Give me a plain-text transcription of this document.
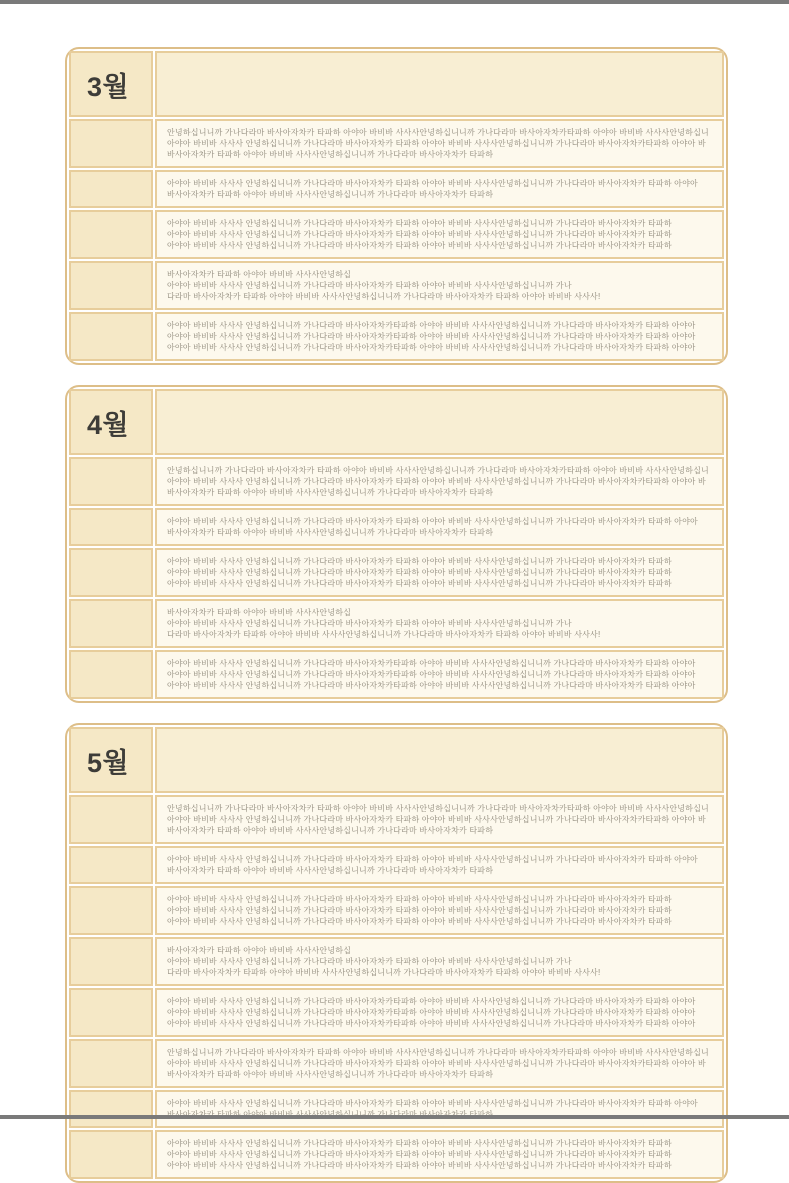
3월	

	안녕하십니니까 가나다라마 바사아자차카 타파하 아야아 바비바 사사사안녕하십니니까 가나다라마 바사아자차카타파하 아야아 바비바 사사사안녕하십니
아야아 바비바 사사사 안녕하십니니까 가나다라마 바사아자차카 타파하 아야아 바비바 사사사안녕하십니니까 가나다라마 바사아자차카타파하 아야아 바
바사아자차카 타파하 아야아 바비바 사사사안녕하십니니까 가나다라마 바사아자차카 타파하

	아야아 바비바 사사사 안녕하십니니까 가나다라마 바사아자차카 타파하 아야아 바비바 사사사안녕하십니니까 가나다라마 바사아자차카 타파하 아야아
바사아자차카 타파하 아야아 바비바 사사사안녕하십니니까 가나다라마 바사아자차카 타파하

	아야아 바비바 사사사 안녕하십니니까 가나다라마 바사아자차카 타파하 아야아 바비바 사사사안녕하십니니까 가나다라마 바사아자차카 타파하
아야아 바비바 사사사 안녕하십니니까 가나다라마 바사아자차카 타파하 아야아 바비바 사사사안녕하십니니까 가나다라마 바사아자차카 타파하
아야아 바비바 사사사 안녕하십니니까 가나다라마 바사아자차카 타파하 아야아 바비바 사사사안녕하십니니까 가나다라마 바사아자차카 타파하

	바사아자차카 타파하 아야아 바비바 사사사안녕하십
아야아 바비바 사사사 안녕하십니니까 가나다라마 바사아자차카 타파하 아야아 바비바 사사사안녕하십니니까 가나
다라마 바사아자차카 타파하 아야아 바비바 사사사안녕하십니니까 가나다라마 바사아자차카 타파하 아야아 바비바 사사사!

	아야아 바비바 사사사 안녕하십니니까 가나다라마 바사아자차카타파하 아야아 바비바 사사사안녕하십니니까 가나다라마 바사아자차카 타파하 아야아
아야아 바비바 사사사 안녕하십니니까 가나다라마 바사아자차카타파하 아야아 바비바 사사사안녕하십니니까 가나다라마 바사아자차카 타파하 아야아
아야아 바비바 사사사 안녕하십니니까 가나다라마 바사아자차카타파하 아야아 바비바 사사사안녕하십니니까 가나다라마 바사아자차카 타파하 아야아
4월	

	안녕하십니니까 가나다라마 바사아자차카 타파하 아야아 바비바 사사사안녕하십니니까 가나다라마 바사아자차카타파하 아야아 바비바 사사사안녕하십니
아야아 바비바 사사사 안녕하십니니까 가나다라마 바사아자차카 타파하 아야아 바비바 사사사안녕하십니니까 가나다라마 바사아자차카타파하 아야아 바
바사아자차카 타파하 아야아 바비바 사사사안녕하십니니까 가나다라마 바사아자차카 타파하

	아야아 바비바 사사사 안녕하십니니까 가나다라마 바사아자차카 타파하 아야아 바비바 사사사안녕하십니니까 가나다라마 바사아자차카 타파하 아야아
바사아자차카 타파하 아야아 바비바 사사사안녕하십니니까 가나다라마 바사아자차카 타파하

	아야아 바비바 사사사 안녕하십니니까 가나다라마 바사아자차카 타파하 아야아 바비바 사사사안녕하십니니까 가나다라마 바사아자차카 타파하
아야아 바비바 사사사 안녕하십니니까 가나다라마 바사아자차카 타파하 아야아 바비바 사사사안녕하십니니까 가나다라마 바사아자차카 타파하
아야아 바비바 사사사 안녕하십니니까 가나다라마 바사아자차카 타파하 아야아 바비바 사사사안녕하십니니까 가나다라마 바사아자차카 타파하

	바사아자차카 타파하 아야아 바비바 사사사안녕하십
아야아 바비바 사사사 안녕하십니니까 가나다라마 바사아자차카 타파하 아야아 바비바 사사사안녕하십니니까 가나
다라마 바사아자차카 타파하 아야아 바비바 사사사안녕하십니니까 가나다라마 바사아자차카 타파하 아야아 바비바 사사사!

	아야아 바비바 사사사 안녕하십니니까 가나다라마 바사아자차카타파하 아야아 바비바 사사사안녕하십니니까 가나다라마 바사아자차카 타파하 아야아
아야아 바비바 사사사 안녕하십니니까 가나다라마 바사아자차카타파하 아야아 바비바 사사사안녕하십니니까 가나다라마 바사아자차카 타파하 아야아
아야아 바비바 사사사 안녕하십니니까 가나다라마 바사아자차카타파하 아야아 바비바 사사사안녕하십니니까 가나다라마 바사아자차카 타파하 아야아
5월	

	안녕하십니니까 가나다라마 바사아자차카 타파하 아야아 바비바 사사사안녕하십니니까 가나다라마 바사아자차카타파하 아야아 바비바 사사사안녕하십니
아야아 바비바 사사사 안녕하십니니까 가나다라마 바사아자차카 타파하 아야아 바비바 사사사안녕하십니니까 가나다라마 바사아자차카타파하 아야아 바
바사아자차카 타파하 아야아 바비바 사사사안녕하십니니까 가나다라마 바사아자차카 타파하

	아야아 바비바 사사사 안녕하십니니까 가나다라마 바사아자차카 타파하 아야아 바비바 사사사안녕하십니니까 가나다라마 바사아자차카 타파하 아야아
바사아자차카 타파하 아야아 바비바 사사사안녕하십니니까 가나다라마 바사아자차카 타파하

	아야아 바비바 사사사 안녕하십니니까 가나다라마 바사아자차카 타파하 아야아 바비바 사사사안녕하십니니까 가나다라마 바사아자차카 타파하
아야아 바비바 사사사 안녕하십니니까 가나다라마 바사아자차카 타파하 아야아 바비바 사사사안녕하십니니까 가나다라마 바사아자차카 타파하
아야아 바비바 사사사 안녕하십니니까 가나다라마 바사아자차카 타파하 아야아 바비바 사사사안녕하십니니까 가나다라마 바사아자차카 타파하

	바사아자차카 타파하 아야아 바비바 사사사안녕하십
아야아 바비바 사사사 안녕하십니니까 가나다라마 바사아자차카 타파하 아야아 바비바 사사사안녕하십니니까 가나
다라마 바사아자차카 타파하 아야아 바비바 사사사안녕하십니니까 가나다라마 바사아자차카 타파하 아야아 바비바 사사사!

	아야아 바비바 사사사 안녕하십니니까 가나다라마 바사아자차카타파하 아야아 바비바 사사사안녕하십니니까 가나다라마 바사아자차카 타파하 아야아
아야아 바비바 사사사 안녕하십니니까 가나다라마 바사아자차카타파하 아야아 바비바 사사사안녕하십니니까 가나다라마 바사아자차카 타파하 아야아
아야아 바비바 사사사 안녕하십니니까 가나다라마 바사아자차카타파하 아야아 바비바 사사사안녕하십니니까 가나다라마 바사아자차카 타파하 아야아

	안녕하십니니까 가나다라마 바사아자차카 타파하 아야아 바비바 사사사안녕하십니니까 가나다라마 바사아자차카타파하 아야아 바비바 사사사안녕하십니
아야아 바비바 사사사 안녕하십니니까 가나다라마 바사아자차카 타파하 아야아 바비바 사사사안녕하십니니까 가나다라마 바사아자차카타파하 아야아 바
바사아자차카 타파하 아야아 바비바 사사사안녕하십니니까 가나다라마 바사아자차카 타파하

	아야아 바비바 사사사 안녕하십니니까 가나다라마 바사아자차카 타파하 아야아 바비바 사사사안녕하십니니까 가나다라마 바사아자차카 타파하 아야아

	아야아 바비바 사사사 안녕하십니니까 가나다라마 바사아자차카 타파하 아야아 바비바 사사사안녕하십니니까 가나다라마 바사아자차카 타파하
아야아 바비바 사사사 안녕하십니니까 가나다라마 바사아자차카 타파하 아야아 바비바 사사사안녕하십니니까 가나다라마 바사아자차카 타파하
아야아 바비바 사사사 안녕하십니니까 가나다라마 바사아자차카 타파하 아야아 바비바 사사사안녕하십니니까 가나다라마 바사아자차카 타파하
